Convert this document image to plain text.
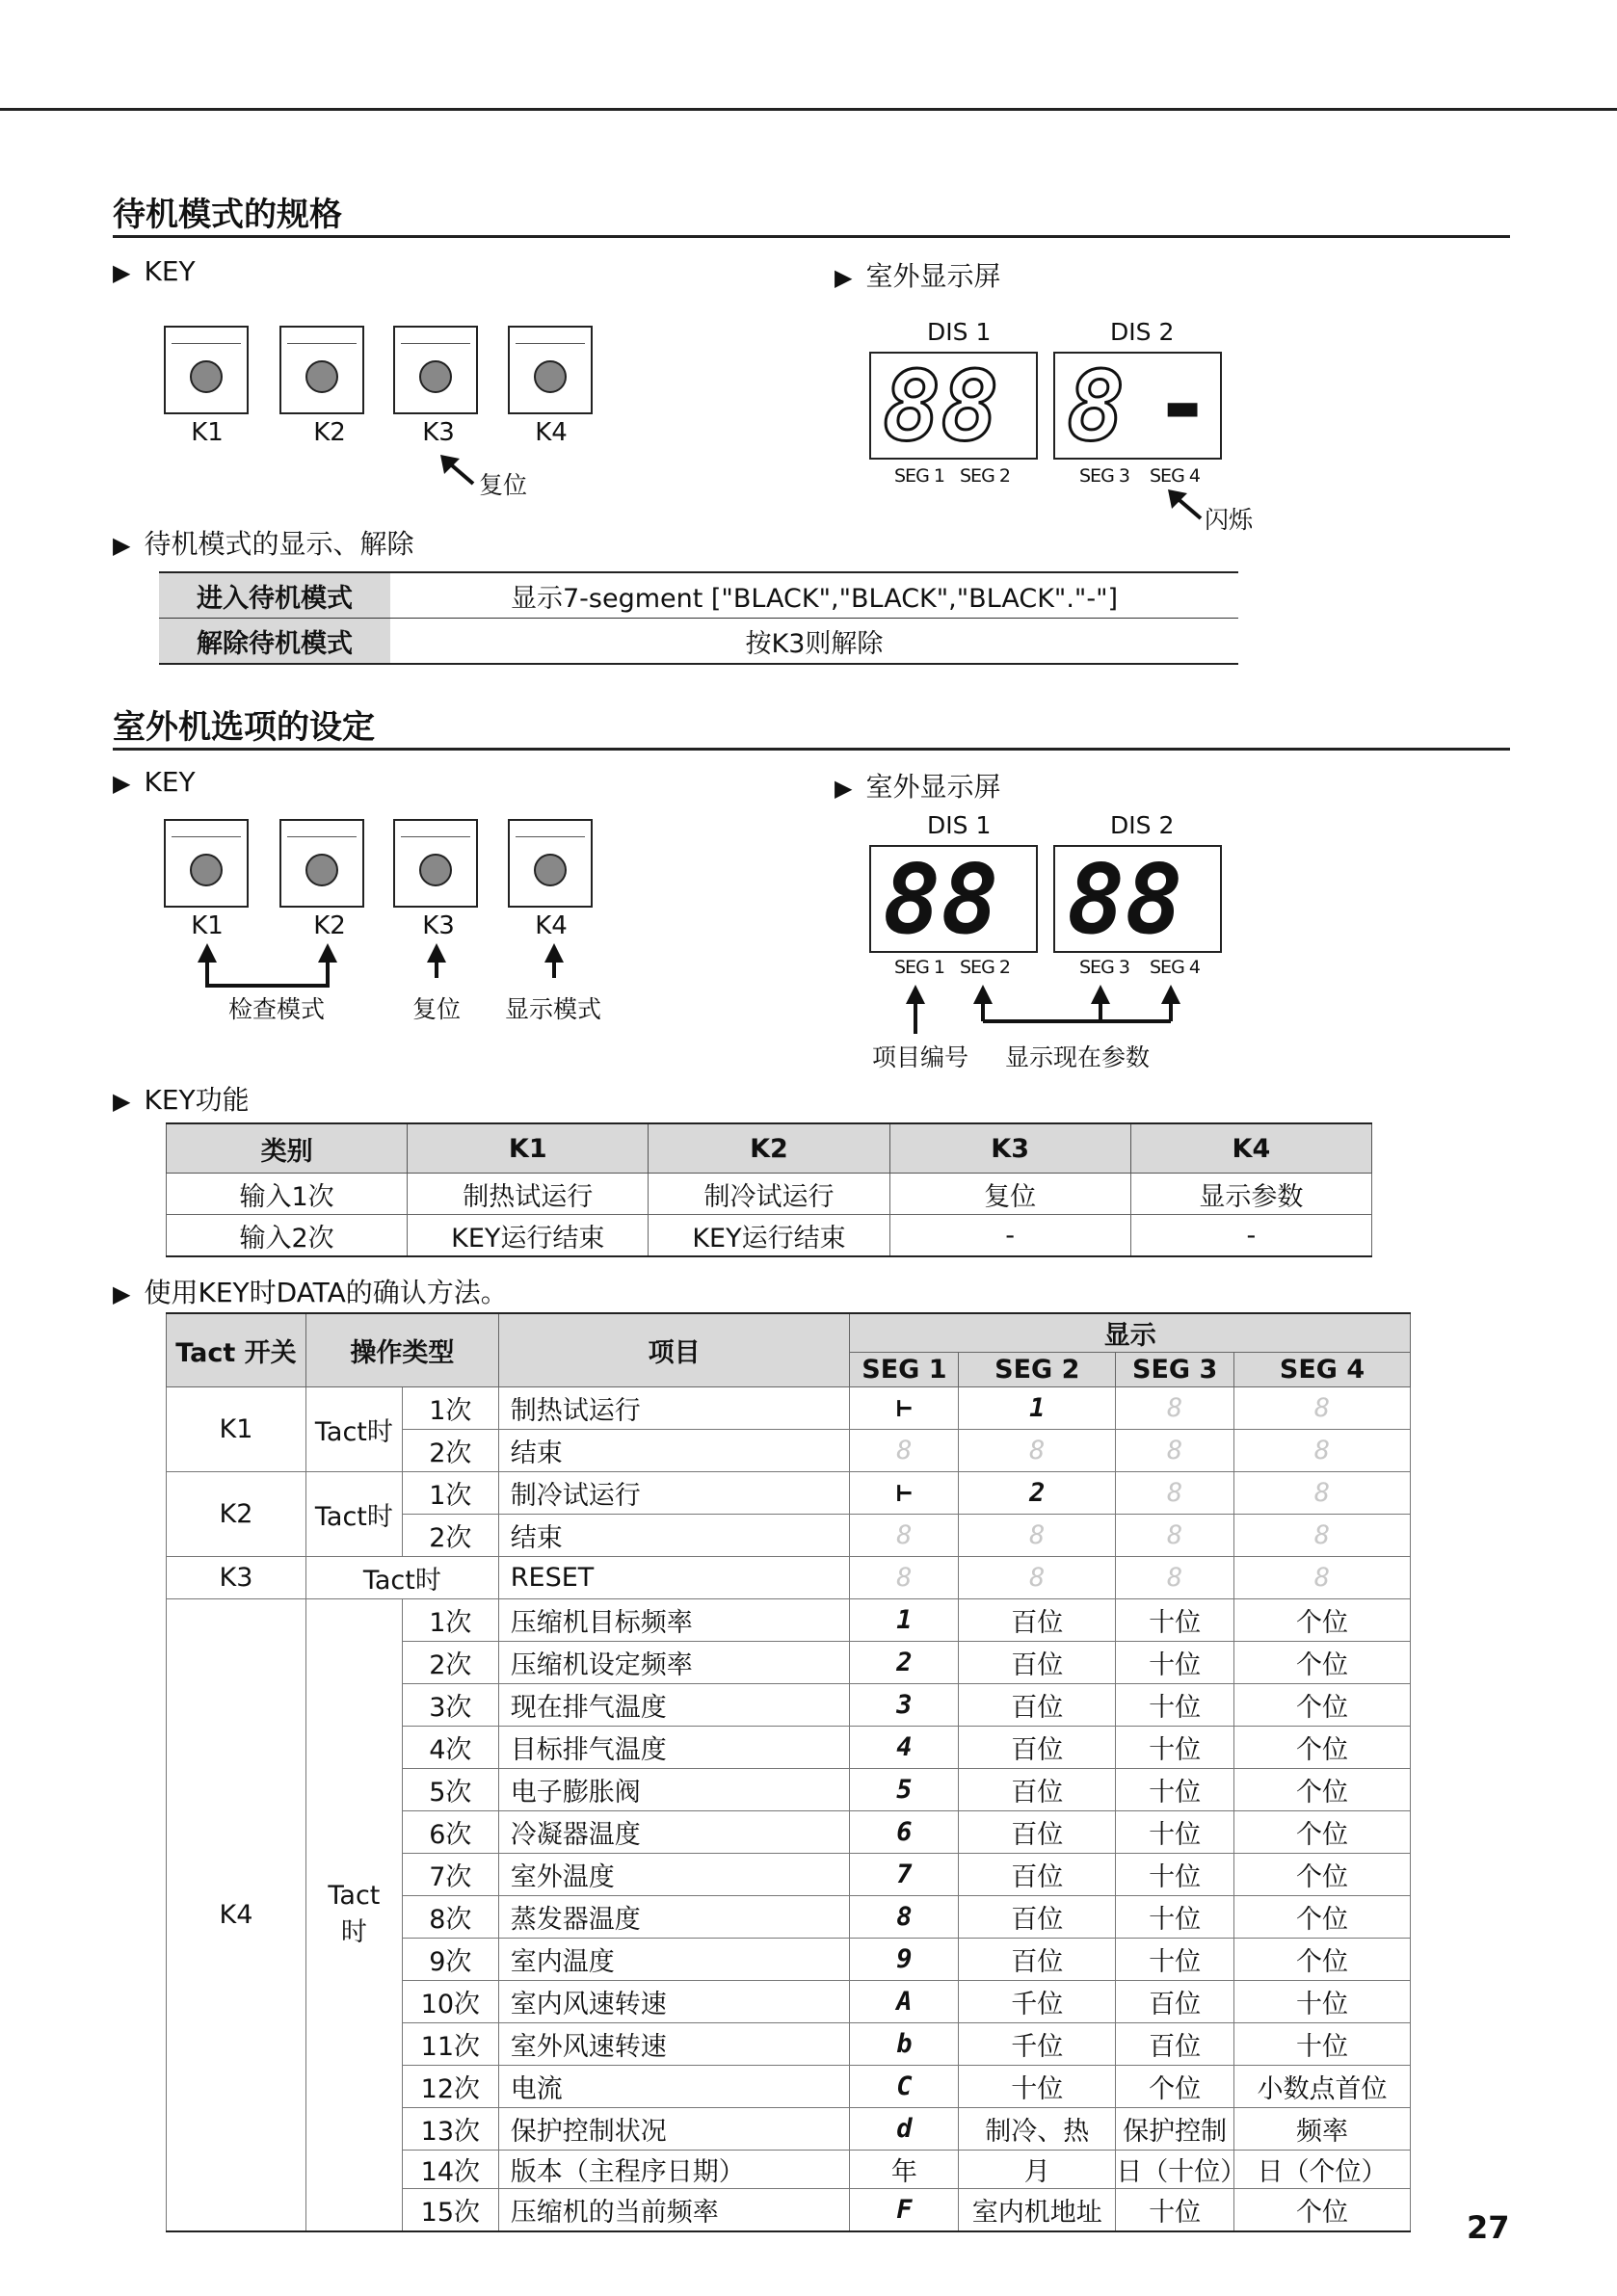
待机模式的规格
▶ KEY
K1	K2	K3	K4
复位
▶ 室外显示屏
DIS 1	DIS 2
88 8 -
SEG 1 SEG 2	SEG 3 SEG 4
闪烁
▶ 待机模式的显示、解除
进入待机模式	显示7-segment ["BLACK","BLACK","BLACK"."-"]
解除待机模式	按K3则解除
室外机选项的设定
▶ KEY
K1	K2	K3	K4
检查模式	复位 显示模式
▶ 室外显示屏
DIS 1	DIS 2
88 88
SEG 1 SEG 2	SEG 3 SEG 4
项目编号 显示现在参数
▶ KEY功能
类别	K1	K2	K3	K4
输入1次	制热试运行	制冷试运行	复位	显示参数
输入2次	KEY运行结束	KEY运行结束	-	-
▶ 使用KEY时DATA的确认方法。
Tact 开关	操作类型		项目	显示			
				SEG 1	SEG 2	SEG 3	SEG 4
K1	Tact时	1次	制热试运行	⊢	1	8	8
		2次	结束	8	8	8	8
K2	Tact时	1次	制冷试运行	⊢	2	8	8
		2次	结束	8	8	8	8
K3	Tact时		RESET	8	8	8	8
K4	Tact 时	1次	压缩机目标频率	1	百位	十位	个位
		2次	压缩机设定频率	2	百位	十位	个位
		3次	现在排气温度	3	百位	十位	个位
		4次	目标排气温度	4	百位	十位	个位
		5次	电子膨胀阀	5	百位	十位	个位
		6次	冷凝器温度	6	百位	十位	个位
		7次	室外温度	7	百位	十位	个位
		8次	蒸发器温度	8	百位	十位	个位
		9次	室内温度	9	百位	十位	个位
		10次	室内风速转速	A	千位	百位	十位
		11次	室外风速转速	b	千位	百位	十位
		12次	电流	C	十位	个位	小数点首位
		13次	保护控制状况	d	制冷、热	保护控制	频率
		14次	版本（主程序日期）	年	月	日（十位）	日（个位）
		15次	压缩机的当前频率	F	室内机地址	十位	个位	27
